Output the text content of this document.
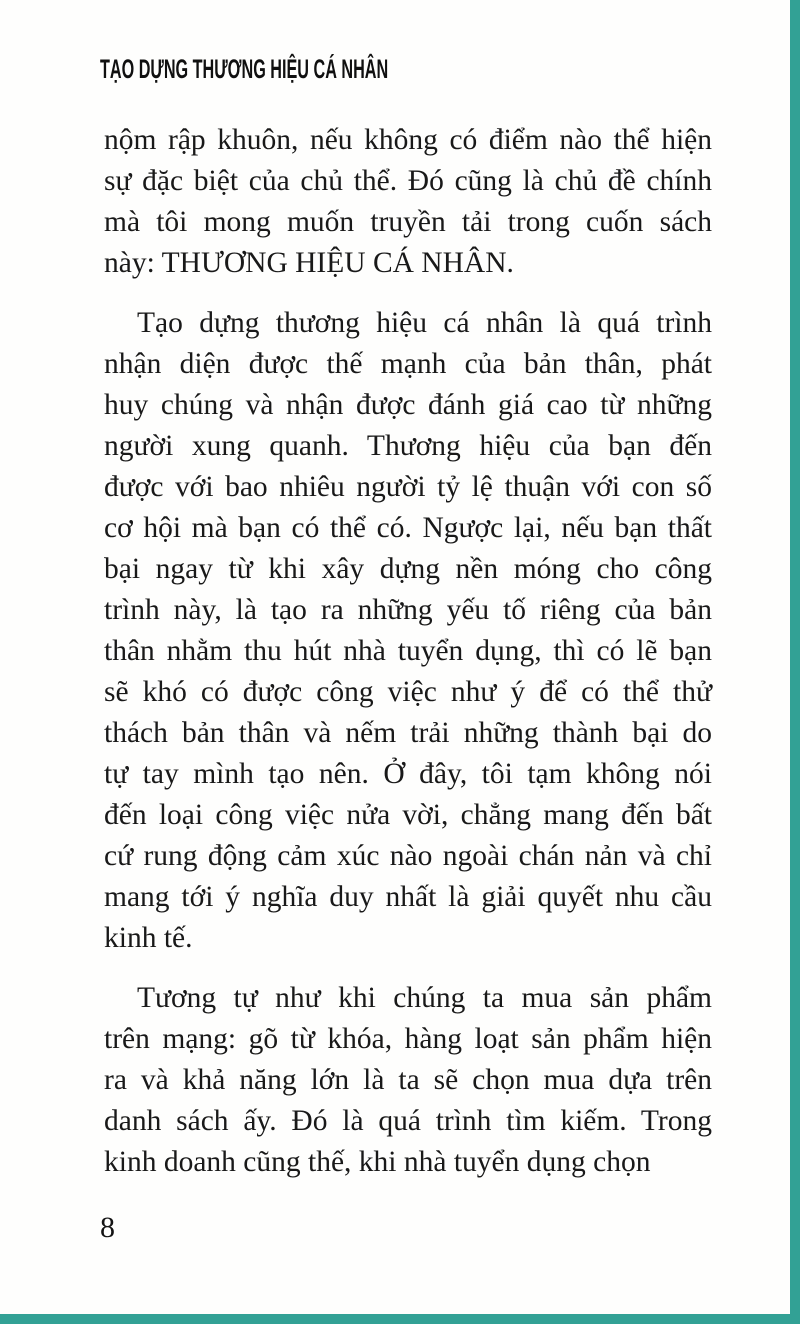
TẠO DỰNG THƯƠNG HIỆU CÁ NHÂN
nộm rập khuôn, nếu không có điểm nào thể hiện
sự đặc biệt của chủ thể. Đó cũng là chủ đề chính
mà tôi mong muốn truyền tải trong cuốn sách
này: THƯƠNG HIỆU CÁ NHÂN.
Tạo dựng thương hiệu cá nhân là quá trình
nhận diện được thế mạnh của bản thân, phát
huy chúng và nhận được đánh giá cao từ những
người xung quanh. Thương hiệu của bạn đến
được với bao nhiêu người tỷ lệ thuận với con số
cơ hội mà bạn có thể có. Ngược lại, nếu bạn thất
bại ngay từ khi xây dựng nền móng cho công
trình này, là tạo ra những yếu tố riêng của bản
thân nhằm thu hút nhà tuyển dụng, thì có lẽ bạn
sẽ khó có được công việc như ý để có thể thử
thách bản thân và nếm trải những thành bại do
tự tay mình tạo nên. Ở đây, tôi tạm không nói
đến loại công việc nửa vời, chẳng mang đến bất
cứ rung động cảm xúc nào ngoài chán nản và chỉ
mang tới ý nghĩa duy nhất là giải quyết nhu cầu
kinh tế.
Tương tự như khi chúng ta mua sản phẩm
trên mạng: gõ từ khóa, hàng loạt sản phẩm hiện
ra và khả năng lớn là ta sẽ chọn mua dựa trên
danh sách ấy. Đó là quá trình tìm kiếm. Trong
kinh doanh cũng thế, khi nhà tuyển dụng chọn
8
